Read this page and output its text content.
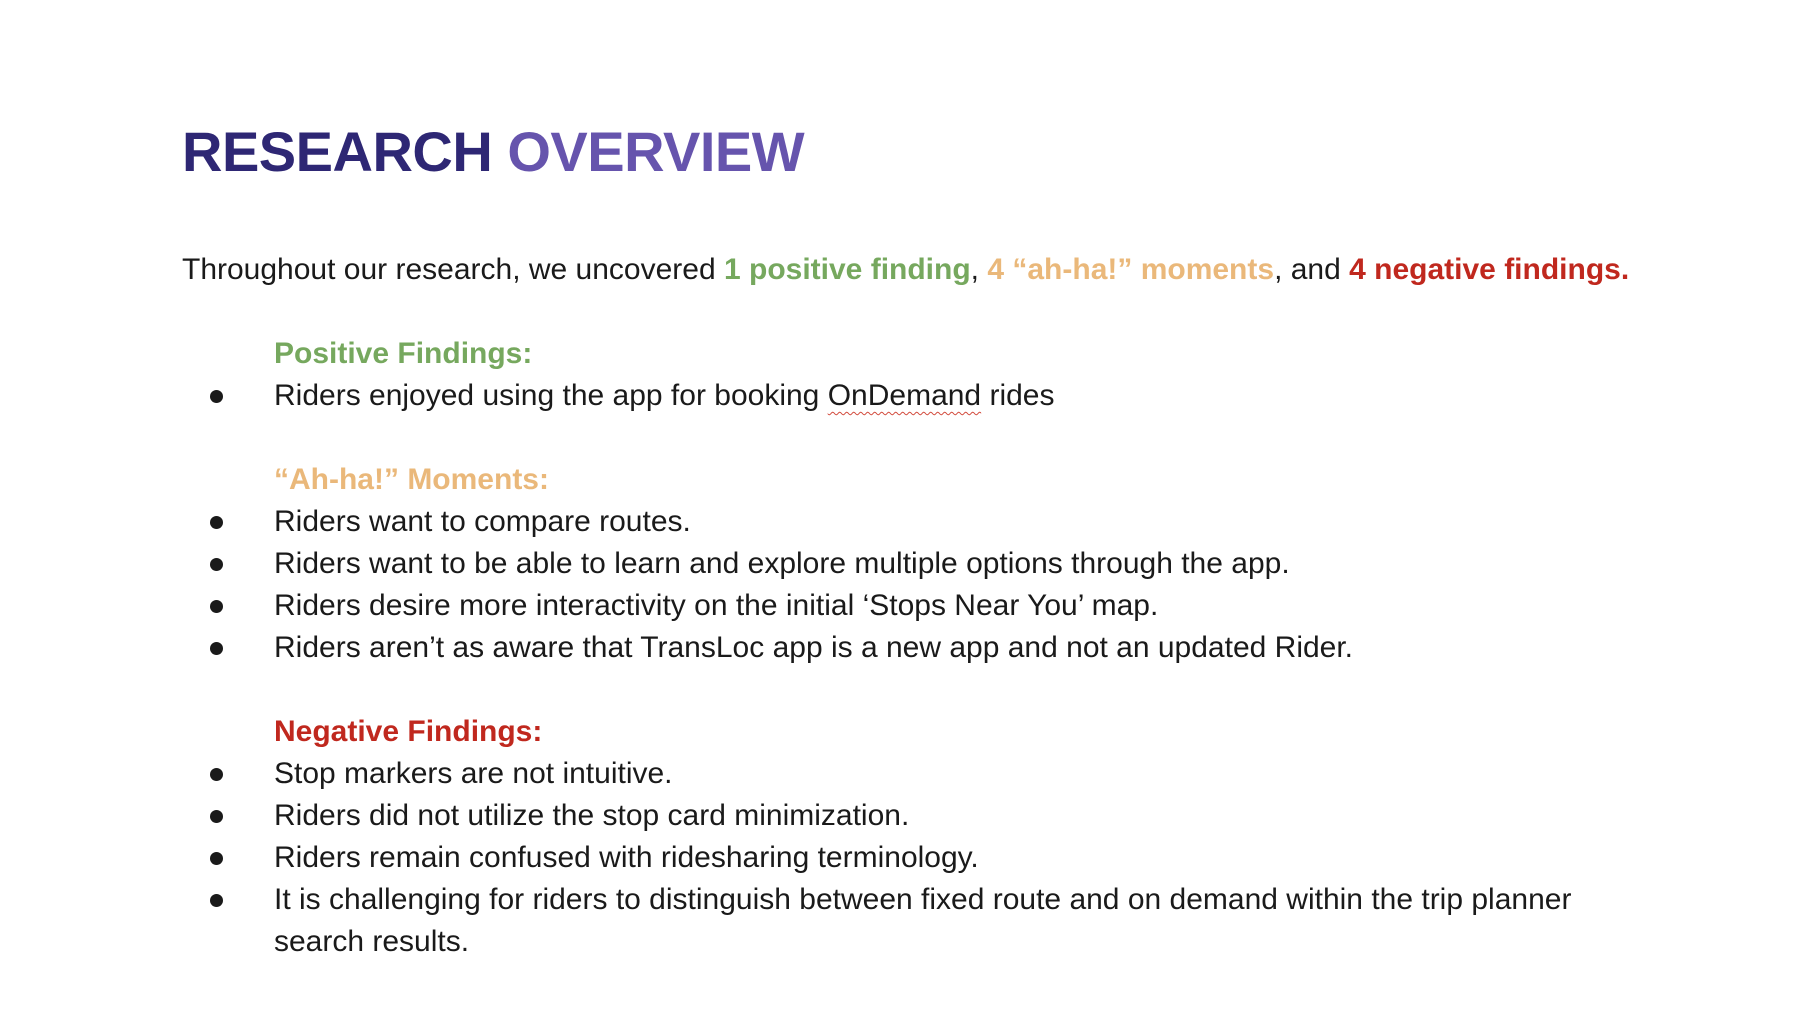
RESEARCH OVERVIEW
Throughout our research, we uncovered 1 positive finding, 4 “ah-ha!” moments, and 4 negative findings.
Positive Findings:
Riders enjoyed using the app for booking OnDemand rides
“Ah-ha!” Moments:
Riders want to compare routes.
Riders want to be able to learn and explore multiple options through the app.
Riders desire more interactivity on the initial ‘Stops Near You’ map.
Riders aren’t as aware that TransLoc app is a new app and not an updated Rider.
Negative Findings:
Stop markers are not intuitive.
Riders did not utilize the stop card minimization.
Riders remain confused with ridesharing terminology.
It is challenging for riders to distinguish between fixed route and on demand within the trip planner search results.
